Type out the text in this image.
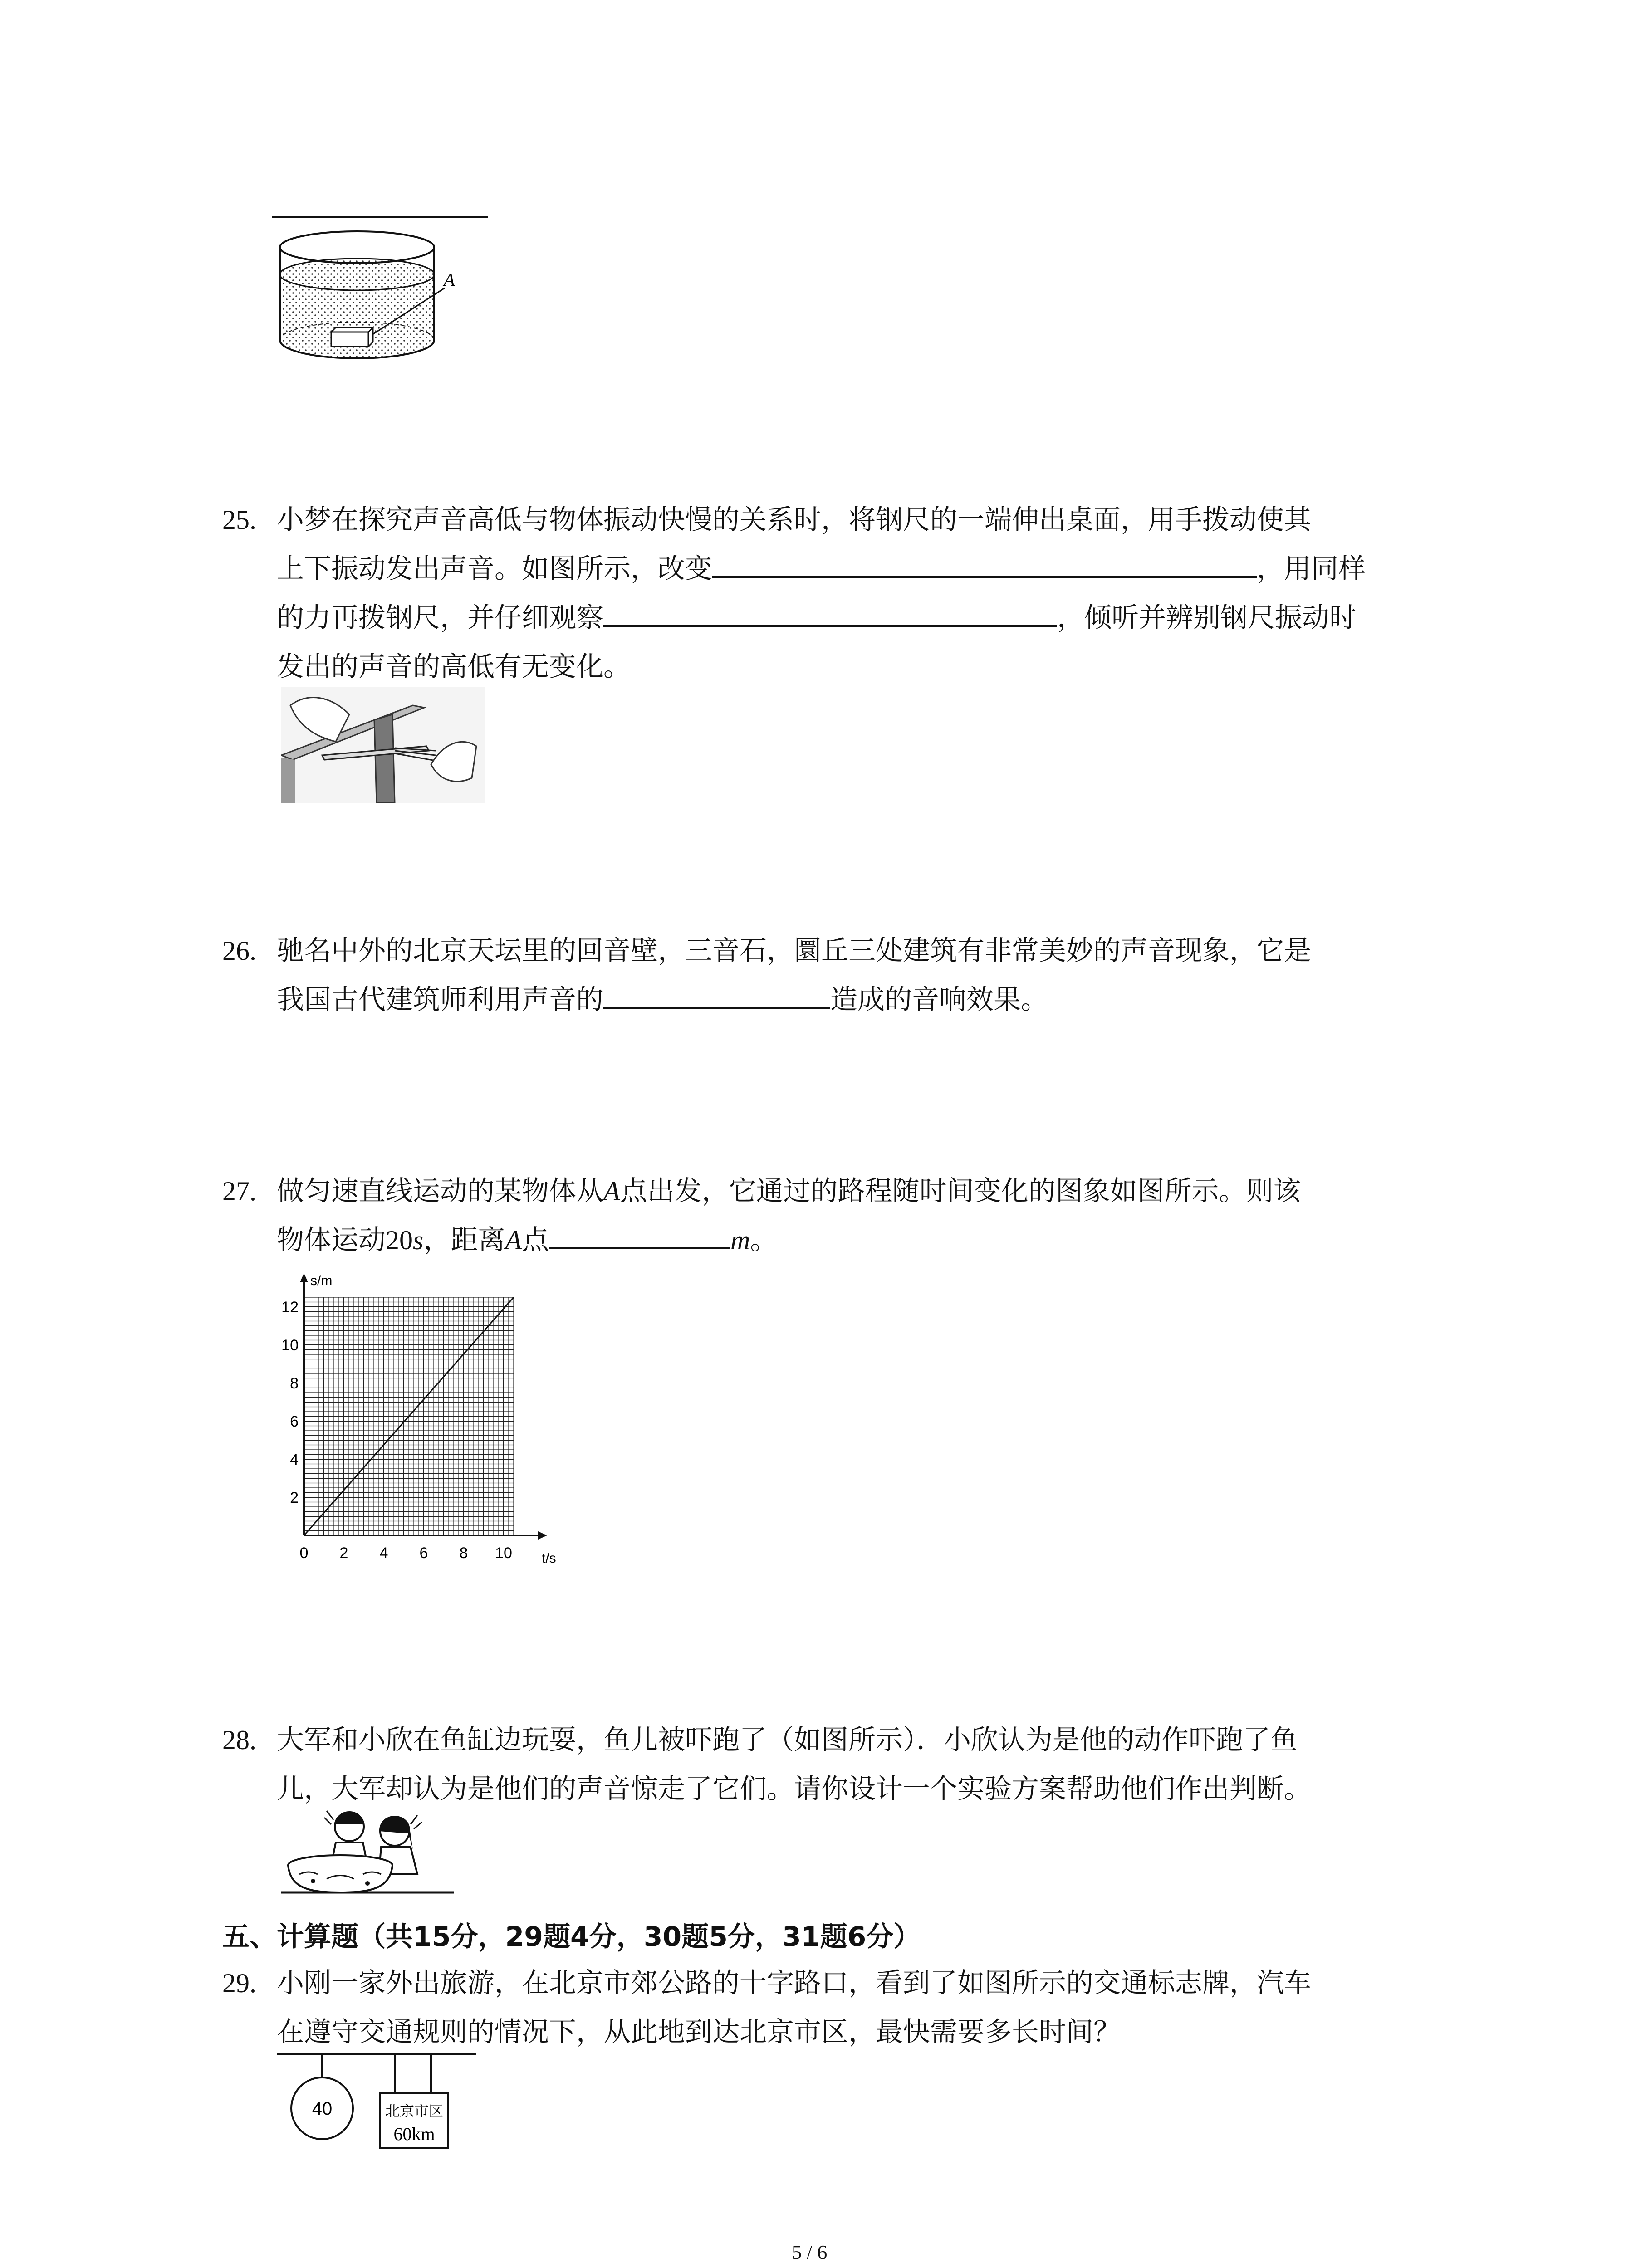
A
25. 小梦在探究声音高低与物体振动快慢的关系时，将钢尺的一端伸出桌面，用手拨动使其
上下振动发出声音。如图所示，改变	，用同样
的力再拨钢尺，并仔细观察	，倾听并辨别钢尺振动时
发出的声音的高低有无变化。
26. 驰名中外的北京天坛里的回音壁，三音石，圜丘三处建筑有非常美妙的声音现象，它是
我国古代建筑师利用声音的	造成的音响效果。
27. 做匀速直线运动的某物体从A点出发，它通过的路程随时间变化的图象如图所示。则该
物体运动20s，距离A点	m。
0 2 4 6 8 10
2
4
6
8
10
12
t/s
s/m
28. 大军和小欣在鱼缸边玩耍，鱼儿被吓跑了（如图所示）．小欣认为是他的动作吓跑了鱼
儿，大军却认为是他们的声音惊走了它们。请你设计一个实验方案帮助他们作出判断。
五、计算题（共15分，29题4分，30题5分，31题6分）
29. 小刚一家外出旅游，在北京市郊公路的十字路口，看到了如图所示的交通标志牌，汽车
在遵守交通规则的情况下，从此地到达北京市区，最快需要多长时间？
40	北京市区
60km
5 / 6
